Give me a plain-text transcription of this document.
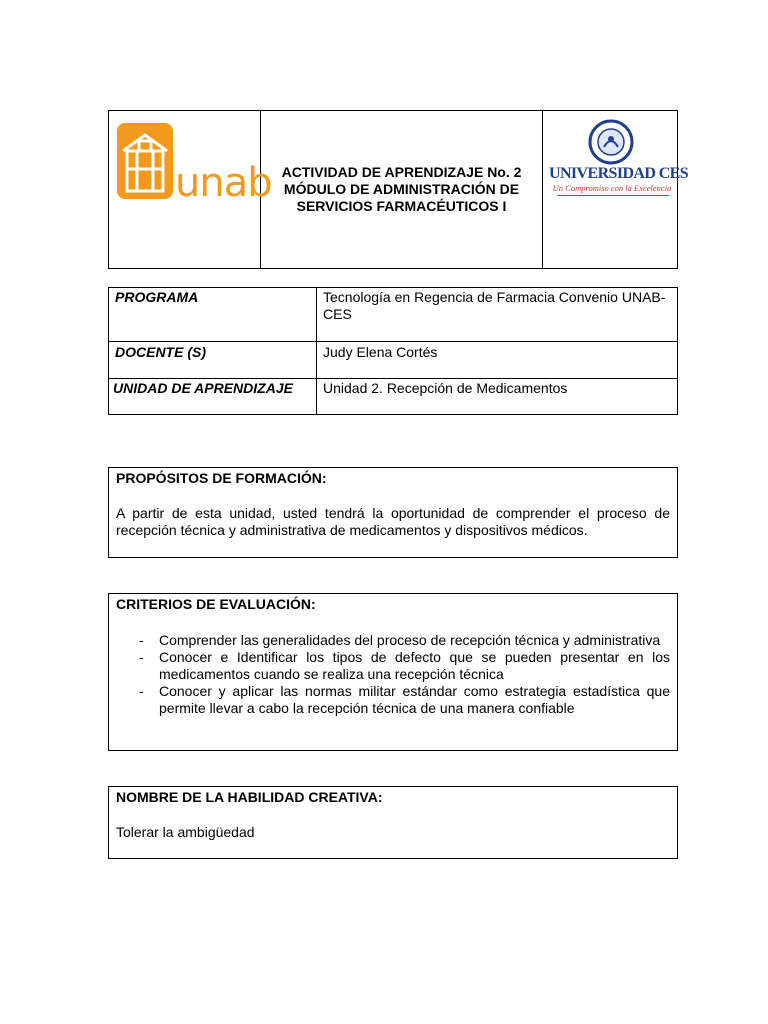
unab ACTIVIDAD DE APRENDIZAJE No. 2
MÓDULO DE ADMINISTRACIÓN DE
SERVICIOS FARMACÉUTICOS I
UNIVERSIDAD CES
Un Compromiso con la Excelencia
PROGRAMA	Tecnología en Regencia de Farmacia Convenio UNAB-CES
DOCENTE (S)	Judy Elena Cortés
UNIDAD DE APRENDIZAJE	Unidad 2. Recepción de Medicamentos
PROPÓSITOS DE FORMACIÓN:
A partir de esta unidad, usted tendrá la oportunidad de comprender el proceso de recepción técnica y administrativa de medicamentos y dispositivos médicos.
CRITERIOS DE EVALUACIÓN:
- Comprender las generalidades del proceso de recepción técnica y administrativa
- Conocer e Identificar los tipos de defecto que se pueden presentar en los medicamentos cuando se realiza una recepción técnica
- Conocer y aplicar las normas militar estándar como estrategia estadística que permite llevar a cabo la recepción técnica de una manera confiable
NOMBRE DE LA HABILIDAD CREATIVA:
Tolerar la ambigüedad
